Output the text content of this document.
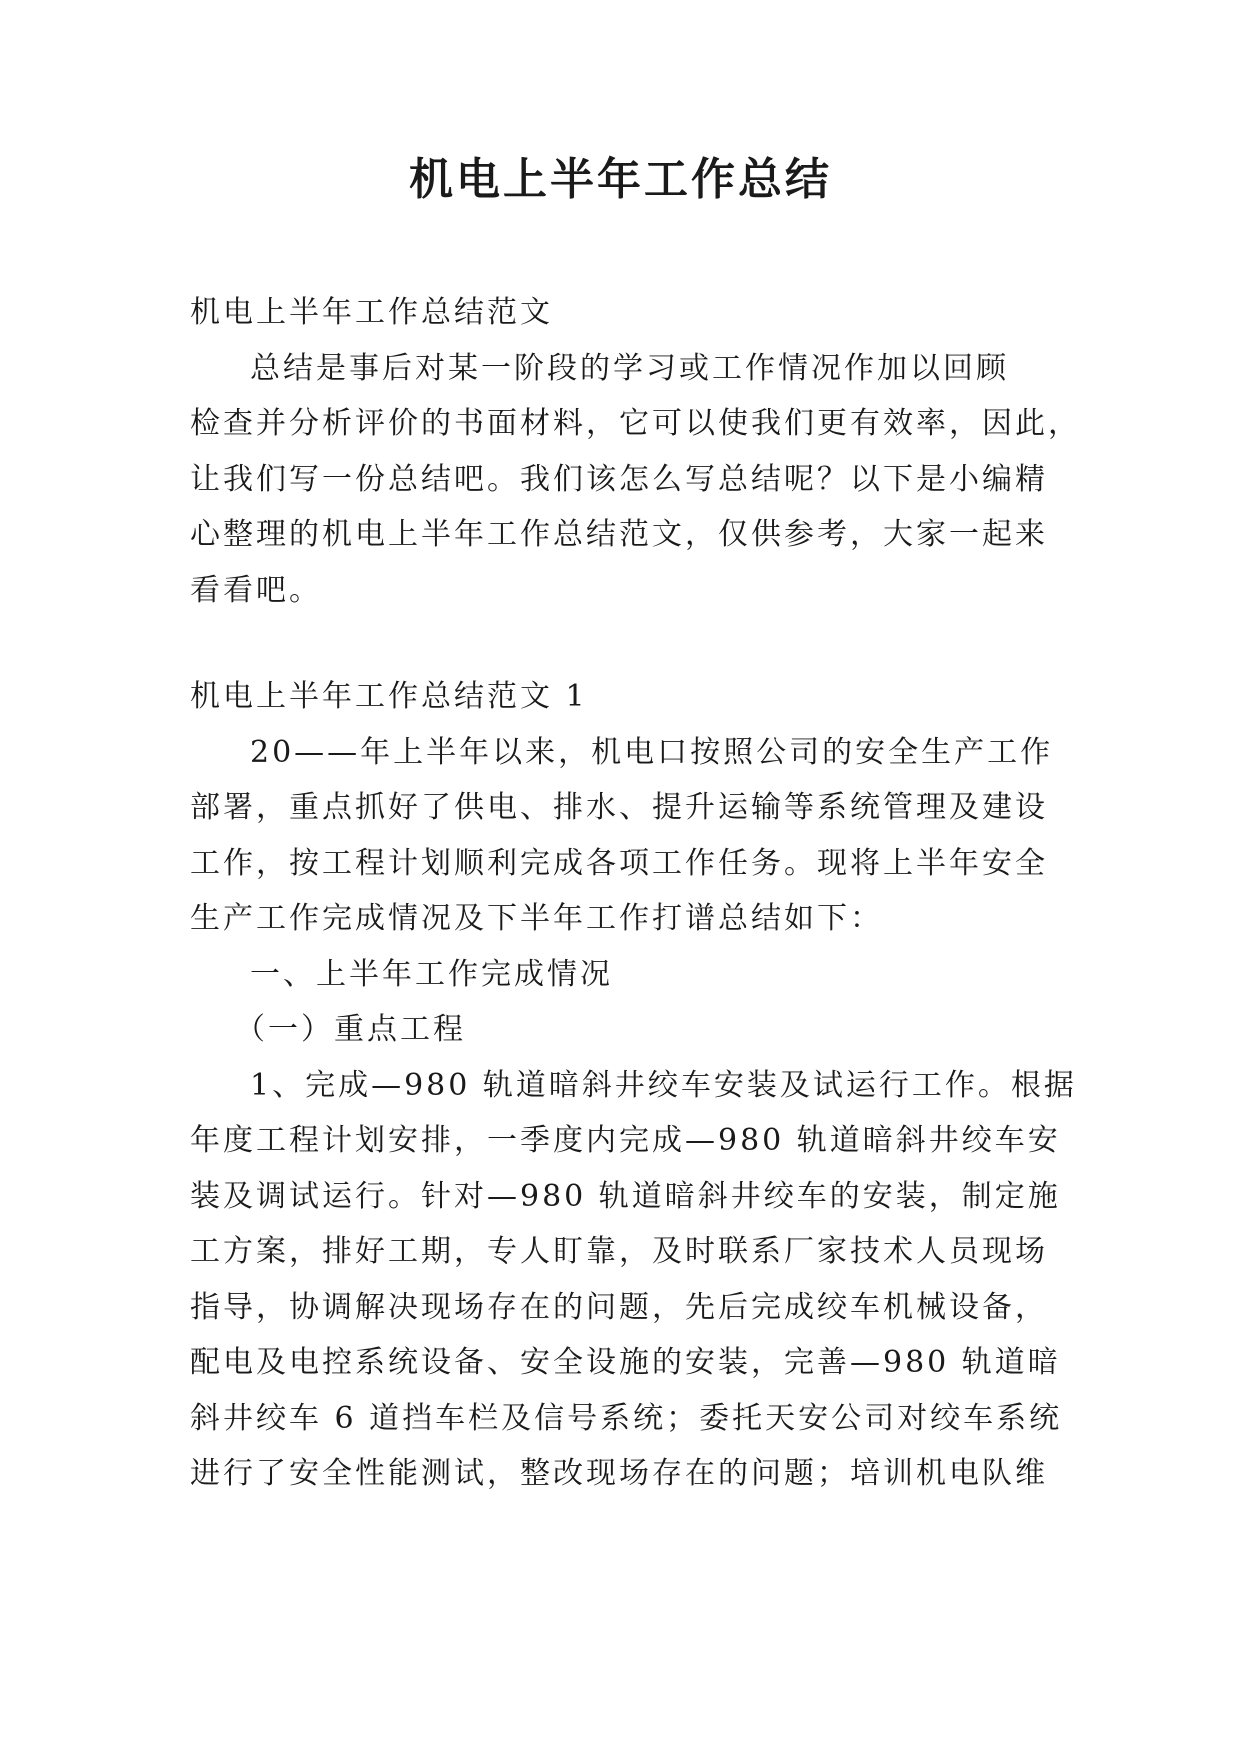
机电上半年工作总结

机电上半年工作总结范文

总结是事后对某一阶段的学习或工作情况作加以回顾

检查并分析评价的书面材料，它可以使我们更有效率，因此，

让我们写一份总结吧。我们该怎么写总结呢？以下是小编精

心整理的机电上半年工作总结范文，仅供参考，大家一起来

看看吧。

机电上半年工作总结范文 1

20——年上半年以来，机电口按照公司的安全生产工作

部署，重点抓好了供电、排水、提升运输等系统管理及建设

工作，按工程计划顺利完成各项工作任务。现将上半年安全

生产工作完成情况及下半年工作打谱总结如下：

一、上半年工作完成情况

（一）重点工程

1、完成—980 轨道暗斜井绞车安装及试运行工作。根据

年度工程计划安排，一季度内完成—980 轨道暗斜井绞车安

装及调试运行。针对—980 轨道暗斜井绞车的安装，制定施

工方案，排好工期，专人盯靠，及时联系厂家技术人员现场

指导，协调解决现场存在的问题，先后完成绞车机械设备，

配电及电控系统设备、安全设施的安装，完善—980 轨道暗

斜井绞车 6 道挡车栏及信号系统；委托天安公司对绞车系统

进行了安全性能测试，整改现场存在的问题；培训机电队维
